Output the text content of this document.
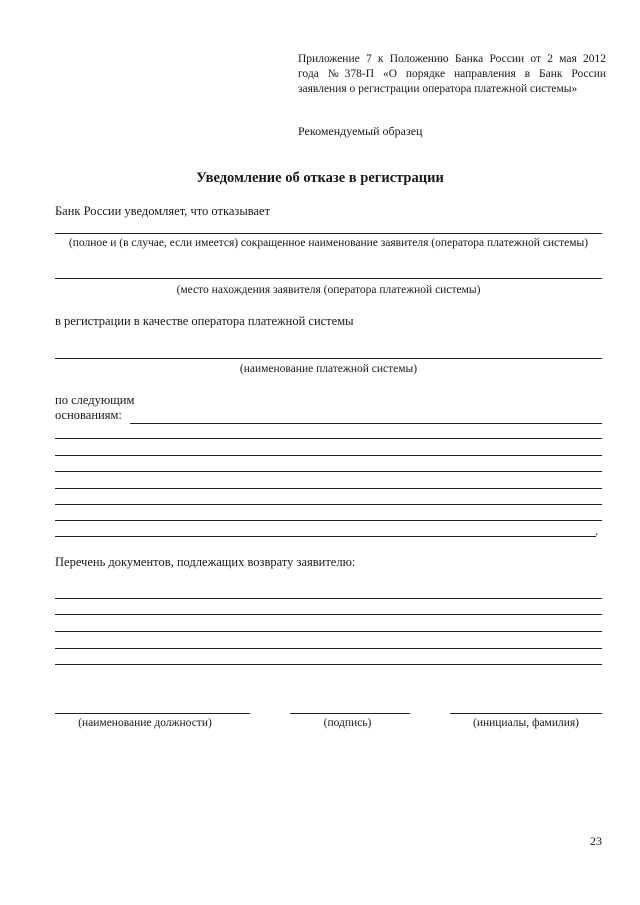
Приложение 7 к Положению Банка России от 2 мая 2012
года №378-П «О порядке направления в Банк России
заявления о регистрации оператора платежной системы»
Рекомендуемый образец
Уведомление об отказе в регистрации
Банк России уведомляет, что отказывает
(полное и (в случае, если имеется) сокращенное наименование заявителя (оператора платежной системы)
(место нахождения заявителя (оператора платежной системы)
в регистрации в качестве оператора платежной системы
(наименование платежной системы)
по следующим
основаниям:
.
Перечень документов, подлежащих возврату заявителю:
(наименование должности)	(подпись)	(инициалы, фамилия)
23
